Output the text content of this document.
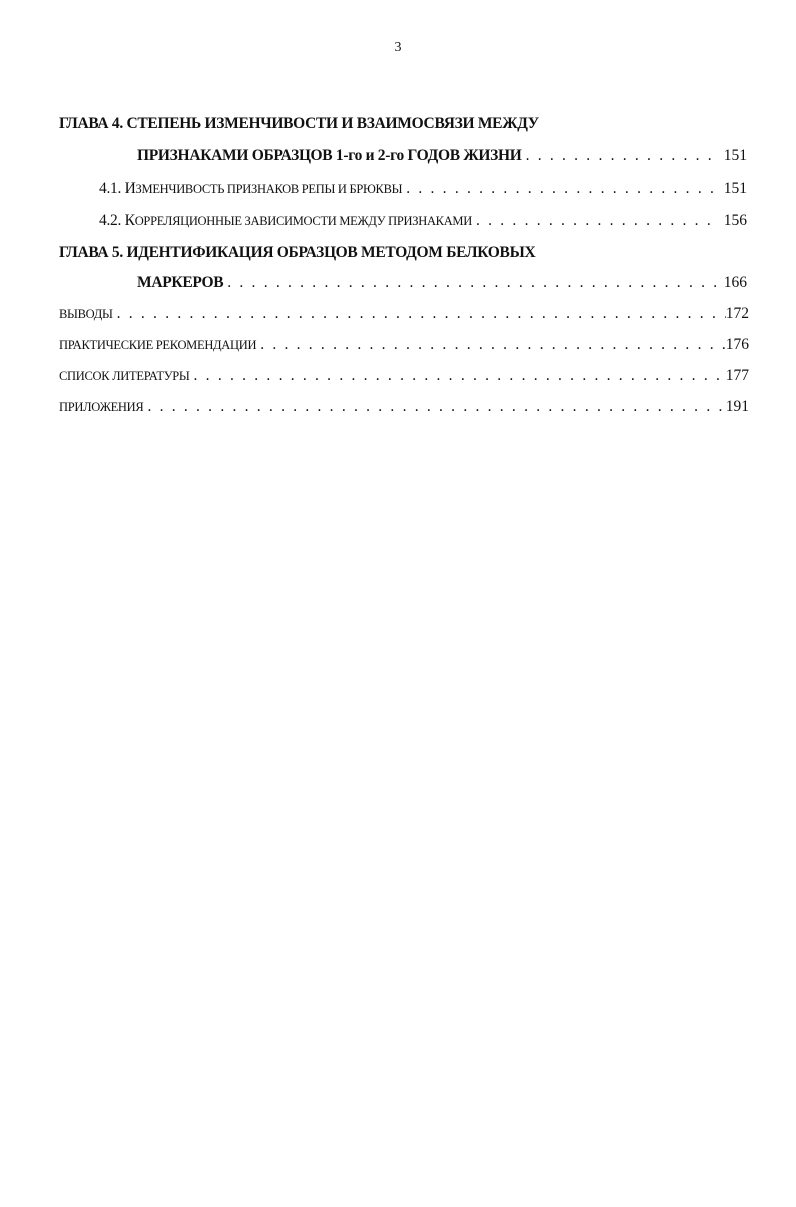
3
ГЛАВА 4. СТЕПЕНЬ ИЗМЕНЧИВОСТИ И ВЗАИМОСВЯЗИ МЕЖДУ
ПРИЗНАКАМИ ОБРАЗЦОВ 1-го и 2-го ГОДОВ ЖИЗНИ . . .	151
4.1. ИЗМЕНЧИВОСТЬ ПРИЗНАКОВ РЕПЫ И БРЮКВЫ . . .	151
4.2. КОРРЕЛЯЦИОННЫЕ ЗАВИСИМОСТИ МЕЖДУ ПРИЗНАКАМИ . . .	156
ГЛАВА 5. ИДЕНТИФИКАЦИЯ ОБРАЗЦОВ МЕТОДОМ БЕЛКОВЫХ
МАРКЕРОВ . . .	166
ВЫВОДЫ . . .	172
ПРАКТИЧЕСКИЕ РЕКОМЕНДАЦИИ . . .	176
СПИСОК ЛИТЕРАТУРЫ . . .	177
ПРИЛОЖЕНИЯ . . .	191
